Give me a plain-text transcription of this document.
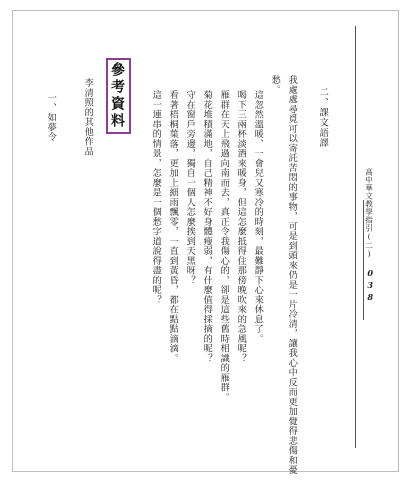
高中華文教學指引(二)
038
二、課文語譯
我處處尋覓可以寄託苦悶的事物，可是到頭來仍是一片冷清，讓我心中反而更加覺得悲傷和憂
愁。
這忽然溫暖、一會兒又寒冷的時刻，最難靜下心來休息了。
喝下三兩杯淡酒來暖身，但這怎麼抵得住那傍晚吹來的急風呢？
雁群在天上飛過向南而去，真正令我傷心的，卻是這些舊時相識的雁群。
菊花堆積滿地，自己精神不好身體瘦弱，有什麼值得採摘的呢？
守在窗戶旁邊，獨自一個人怎麼挨到天黑呀？
看著梧桐葉落，更加上細雨飄零，一直到黃昏，都在點點滴滴。
這一連串的情景，怎麼是一個愁字道說得盡的呢？
參考資料
李清照的其他作品
一、如夢令
